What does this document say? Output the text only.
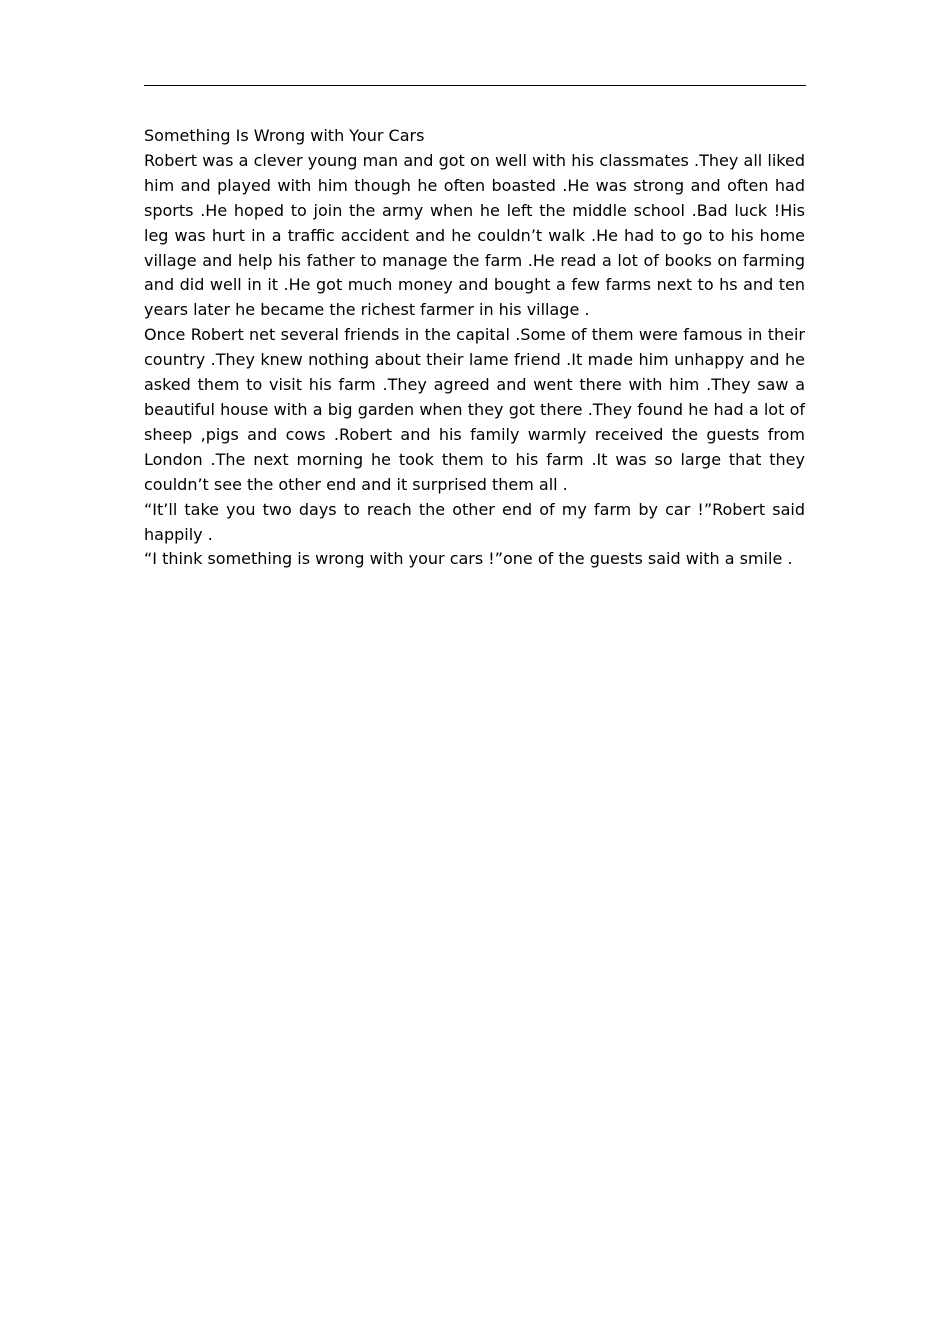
Something Is Wrong with Your Cars

Robert was a clever young man and got on well with his classmates .They all liked him and played with him though he often boasted .He was strong and often had sports .He hoped to join the army when he left the middle school .Bad luck !His leg was hurt in a traffic accident and he couldn’t walk .He had to go to his home village and help his father to manage the farm .He read a lot of books on farming and did well in it .He got much money and bought a few farms next to hs and ten years later he became the richest farmer in his village .

Once Robert net several friends in the capital .Some of them were famous in their country .They knew nothing about their lame friend .It made him unhappy and he asked them to visit his farm .They agreed and went there with him .They saw a beautiful house with a big garden when they got there .They found he had a lot of sheep ,pigs and cows .Robert and his family warmly received the guests from London .The next morning he took them to his farm .It was so large that they couldn’t see the other end and it surprised them all .

“It’ll take you two days to reach the other end of my farm by car !”Robert said happily .

“I think something is wrong with your cars !”one of the guests said with a smile .
